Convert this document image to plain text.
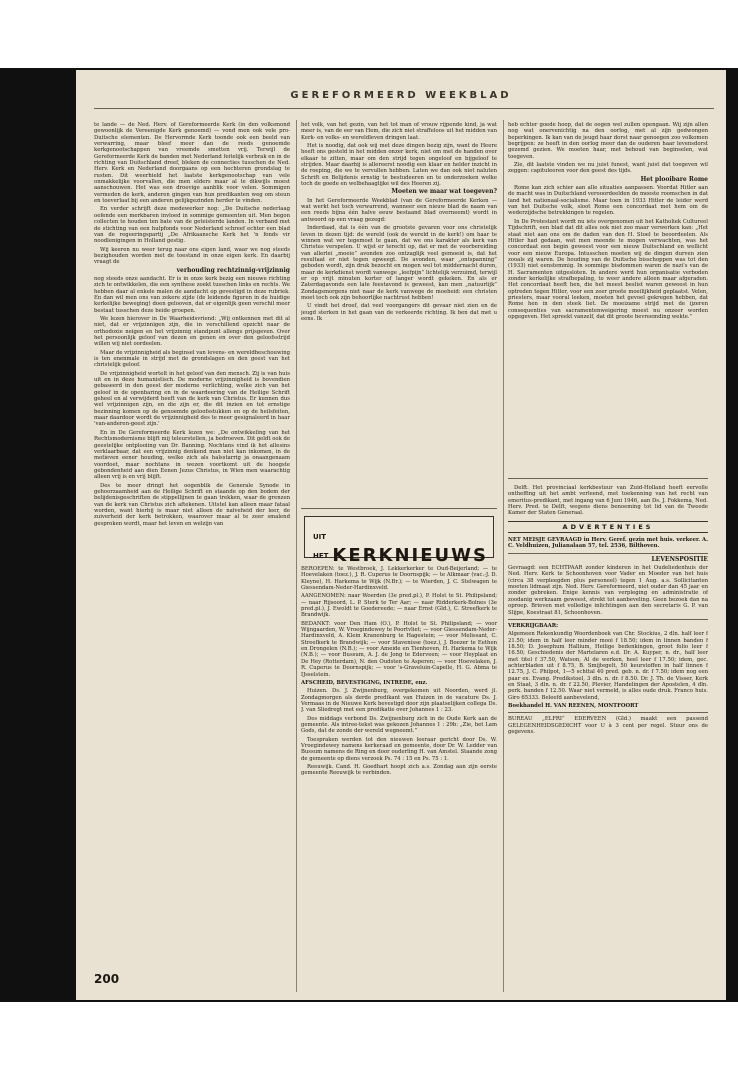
GEREFORMEERD WEEKBLAD

te lande — de Ned. Herv. of Gereformeerde Kerk (in den volksmond gewoonlijk de Vereenigde Kerk genoemd) — vond men ook vele pro-Duitsche elementen. De Hervormde Kerk toonde ook een beeld van verwarring, maar bleef meer dan de reeds genoemde kerkgenootschappen van vreemde smetten vrij. Terwijl de Gereformeerde Kerk de banden met Nederland feitelijk verbrak en in de richting van Duitschland dreef, bleken de connecties tusschen de Ned. Herv. Kerk en Nederland doorgaans op een hechteren grondslag te rusten. Dit weerhield het laatste kerkgenootschap van vele onmakkelijke voorvallen, die men elders maar al te dikwijls moest aanschouwen. Het was een droevige aanblik voor velen. Sommigen vermeden de kerk, anderen gingen van hun predikanten weg om steun en toeverlaat bij een anderen gelijkgezinden herder te vinden.

En verder schrijft deze medewerker nog: „De Duitsche nederlaag oefende een merkbaren invloed in sommige gemeenten uit. Men begon collecten te houden ten bate van de geteisterde landen. In verband met de stichting van een hulpfonds voor Nederland schreef echter een blad van de regeeringspartij „De Afrikaansche Kerk het 'n fonds vir noodlenigingen in Holland gestig.

Wij keeren nu weer terug naar ons eigen land, waar we nog steeds bezighouden worden met de toestand in onze eigen kerk. En daarbij vraagt de

verhouding rechtzinnig-vrijzinnig

nog steeds onze aandacht. Er is in onze kerk bezig een nieuwe richting zich te ontwikkelen, die een synthese zoekt tusschen links en rechts. We hebben daar al enkele malen de aandacht op gevestigd in deze rubriek. En dan wil men ons van zekere zijde (de leidende figuren in de huidige kerkelijke beweging) doen gelooven, dat er eigenlijk geen verschil meer bestaat tusschen deze beide groepen.

We lezen hierover in De Waarheidsvriend: „Wij ontkennen met dit al niet, dat er vrijzinnigen zijn, die in verschillend opzicht naar de orthodoxie neigen en het vrijzinnig standpunt allengs prijsgeven. Over het persoonlijk geloof van dezen en genen en over den geloofsstrijd willen wij niet oordeelen.

Maar de vrijzinnigheid als beginsel van levens- en wereldbeschouwing is ten enenmale in strijd met de grondslagen en den geest van het christelijk geloof.

De vrijzinnigheid wortelt in het geloof van den mensch. Zij is van huis uit en in deze humanistisch. De moderne vrijzinnigheid is bovendien gebaseerd in den geest der moderne verlichting, welke zich van het geloof in de openbaring en in de waardeering van de Heilige Schrift geheel en al verwijderd heeft van de kerk van Christus. Er kunnen dus wel vrijzinnigen zijn, en die zijn er, die dit inzien en tot ernstige bezinning komen op de genoemde geloofsstukken en op de heilsfeiten, maar daardoor wordt de vrijzinnigheid des te meer gesignaleerd in haar 'van-anderen-geest zijn.'

En in De Gereformeerde Kerk lezen we: „De ontwikkeling van het Rechtsmodernisme blijft mij teleurstellen, ja bedroeven. Dit geldt ook de geestelijke ontplooiing van Dr. Banning. Nochtans vind ik het allesins verklaarbaar, dat een vrijzinnig denkend man niet kan inkomen, in de motieven eener houding, welke zich als halsstarrig ja onaangenaam voordoet, maar nochtans in wezen voortkomt uit de hoogste gebondenheid aan dien Eenen Jezus Christus, in Wien men waarachtig alleen vrij is en vrij blijft.

Des te meer dringt het oogenblik de Generale Synode in gehoorzaamheid aan de Heilige Schrift en staande op den bodem der belijdenisgeschriften de stippellijnen te gaan trekken, waar de grenzen van de kerk van Christus zich aftekenen. Uitstel kan alleen maar fataal worden, want hierbij is maar niet alleen de naïveheid der leer, de zuiverheid der kerk betrokken, waarover maar al te zeer smalend gesproken wordt, maar het leven en welzijn van

het volk, van het gezin, van het tot man of vrouw rijpende kind, ja wat meer is, van de eer van Hem, die zich niet straffeloos uit het midden van Kerk- en volks- en wereldleven dringen laat.

Het is noodig, dat ook wij met deze dingen bezig zijn, want de Heere heeft ons gesteld in het midden onzer kerk, niet om met de handen over elkaar te zitten, maar om den strijd tegen ongeloof en bijgeloof te strijden. Maar daarbij is allereerst noodig een klaar en helder inzicht in de roeping, die we te vervullen hebben. Laten we dan ook niet naluten Schrift en Belijdenis ernstig te bestudeeren en te onderzoeken welke toch de goede en welbehaaglijke wil des Heeren zij.

Moeten we maar wat toegeven?

In het Gereformeerde Weekblad (van de Gereformeerde Kerken — wat werkt het toch verwarrend, wanneer een nieuw blad de naam van een reeds bijna één halve eeuw bestaand blad overneemt) wordt in antwoord op een vraag gezegd:

Inderdaad, dat is één van de grootste gevaren voor ons christelijk leven in dezen tijd: de wereld (ook de wereld in de kerk!) om haar te winnen wat ver tegemoet te gaan, dat we ons karakter als kerk van Christus verspelen. U wijst er terecht op, dat er met de voorbereiding van allerlei „moeie” avonden zoo ontzaglijk veel gemoeid is, dat het resultaat er niet tegen opweegt. De avonden, waar „ontspanning” geboden wordt, zijn druk bezocht en mogen wel tot middernacht duren, maar de kerkdienst wordt vanwege „leefpijn” lichtelijk verzuimd, terwijl er op vrijt minuten korter of langer wordt gekeken. En als er Zaterdagavonds een late feestavond is geweest, kan men „natuurlijk” Zondagsmorgens niet naar de kerk vanwege de moeheid: een christen moet toch ook zijn behoorlijke nachtrust hebben!

U vindt het droef, dat veel voorgangers dit gevaar niet zien en de jeugd sterken in het gaan van de verkeerde richting. Ik ben dat met u eens. Ik

heb echter goede hoop, dat de oogen wel zullen opengaan. Wij zijn allen nog wat onervenichtig na den oorlog, met al zijn gedwongen beperkingen. Ik kan van de jeugd haar dorst naar genoegen zoo volkomen begrijpen: ze heeft in den oorlog meer dan de ouderen haar levensdorst gezemd gezien. We moeten haar, met behoud van beginselen, wat toegeven.

Zie, dit laatste vinden we nu juist funest, want juist dat toegeven wil zeggen: capituleeren voor den geest des tijds.

Het plooibare Rome

Rome kan zich schier aan alle situaties aanpassen. Voordat Hitler aan de macht was in Duitschland verooordeelden de meeste roomschen in dat land het nationaal-socialisme. Maar toen in 1933 Hitler de leider werd van het Duitsche volk, sloot Rome een concordaat met hem om de wederzijdsche betrekkingen te regelen.

In De Protestant wordt nu iets overgenomen uit het Katholiek Cultureel Tijdschrift, een blad dat dit alles ook niet zoo maar verwerken kan: „Het staat niet aan ons om de daden van den H. Stoel te beoordeelen. Als Hitler had gedaan, wat men meende te mogen verwachten, was het concordaat een begin geweest voor een nieuw Duitschland en wellicht voor een nieuw Europa. Intusschen moeten wij de dingen durven zien zooals zij waren. De houding van de Duitsche bisschoppen was tot den (1933) niet eenstemmig. In sommige bisdommen waren de nazi's van de H. Sacramenten uitgesloten. In andere werd hun organisatie verboden zonder kerkelijke strafbepaling, to weer andere alleen maar afgeraden. Het concordaat heeft hen, die het meest beslist waren geweest in hun optreden tegen Hitler, voor een zeer groote moeilijkheid geplaatst. Velen, priesters, maar vooral leeken, moeten het gevoel gekregen hebben, dat Rome hen in den steek liet. De moeizame strijd met de ijzeren consequenties van sacramentenweigering moest nu onzeer worden opgegeven. Het spreekt vanzelf, dat dit groote bevreemding wekte.”

UIT HET KERKNIEUWS

BEROEPEN: te Westbroek, J. Lekkerkerker te Oud-Beijerland; — te Hoevelaken (toez.), J. R. Cuperus te Doornspijk; — te Alkmaar (vac.-J. D. Kleyne), H. Harkema te Wijk (N.Br.); — te Wierden, J. C. Stelwagen te Giessendam-Neder-Hardinxveld.

AANGENOMEN: naar Woerden (3e pred.pl.), P. Holst te St. Philipsland; — naar Rijsoord, L. P. Sterk te Ter Aar; — naar Ridderkerk-Bolnes (3e pred.pl.), J. Ewoldt te Goedereede; — naar Ernst (Gld.), C. Streefkerk te Brandwijk.

BEDANKT: voor Den Ham (O.), P. Holst te St. Philipsland; — voor Wijngaarden, W. Vroegindewey te Poortvliet; — voor Giessendam-Neder-Hardinxveld, A. Klein Kranenburg te Hagestein; — voor Melissant, C. Streefkerk te Brandwijk; — voor Stavenisse (toez.), J. Boezer te Eethen en Drongelen (N.B.); — voor Ameide en Tienhoven, H. Harkema te Wijk (N.B.); — voor Bussum, A. J. de Jong te Ederveen; — voor Heyplaat en De Hey (Rotterdam), N. den Oudsten te Asperen; — voor Hoevelaken, J. R. Cuperus te Doornspijk; — voor 's-Graveluin-Capelle, H. G. Abma te IJsselstein.

AFSCHEID, BEVESTIGING, INTREDE, enz.

Huizen. Ds. J. Zwijnenburg, overgekomen uit Noorden, werd jl. Zondagmorgen als derde predikant van Huizen in de vacature Ds. J. Vermaas in de Nieuwe Kerk bevestigd door zijn plaatselijken collega Ds. J. van Sliedregt met een predikatie over Johannes 1 : 23.

Des middags verbond Ds. Zwijnenburg zich in de Oude Kerk aan de gemeente. Als intree-tekst was gekozen Johannes 1 : 29b: „Zie, het Lam Gods, dat de zonde der wereld wegneemt.”

Toespraken werden tot den nieuwen leeraar gericht door Ds. W. Vroegindewey namens kerkeraad en gemeente, door Dr. W. Ledder van Bussum namens de Ring en door ouderling H. van Amstel. Staande zong de gemeente op diens verzoek Ps. 74 : 15 en Ps. 75 : 1.

Reeuwijk. Cand. H. Goedhart hoopt zich a.s. Zondag aan zijn eerste gemeente Reeuwijk te verbinden.

Delft. Het provinciaal kerkbestuur van Zuid-Holland heeft eervolle ontheffing uit het ambt verleend, met toekenning van het recht van emeritus-predikant, met ingang van 6 Juni 1946, aan Ds. J. Fokkema, Ned. Herv. Pred. te Delft, wegens diens benoeming tot lid van de Tweede Kamer der Staten Generaal.

ADVERTENTIES

NET MEISJE GEVRAAGD in Herv. Geref. gezin met huis. verkeer. A. C. Veldhuizen, Julianalaan 57, tel. 2536, Bilthoven.

LEVENSPOSITIE

Gevraagd: een ECHTPAAR zonder kinderen in het Oudeliedenhuis der Ned. Herv. Kerk te Schoonhoven voor Vader en Moeder van het huis (circa 38 verpleegden plus personeel) tegen 1 Aug. a.s. Sollicitanten moeten lidmaat zijn. Ned. Herv. Gereformeerd, niet ouder dan 45 jaar en zonder gebreken. Enige kennis van verpleging en administratie of zoodanig werkzaam geweest, strekt tot aanbeveling. Geen bezoek dan na oproep. Brieven met volledige inlichtingen aan den secretaris G. P. van Slijpe, Koestraat 81, Schoonhoven.

VERKRIJGBAAR:

Algemeen Rekenkundig Woordenboek van Chr. Stockius, 2 dln. half leer f 21.50; idem in half leer minder mooi f 18.50; idem in linnen banden f 18.50; D. Josephum Hallium, Heilige bedenkingen, groot folio leer f 16.50; Geschiedenis der Martelaren e.d. Dr. A. Kuyper, n. dr., half leer met titel f 37.50, Watson, Al de werken, heel leer f 17.50; idem, gec. achterbladen uit f 8.75, B. Smijtegelt, 50 keurstoffen in half linnen f 12.75, J. C. Philpot, 1—5 schttal 40 pred. geb. n. dr. f 7.50; idem nog een paar ex. Evang. Predikstoel, 3 dln. n. dr. f 8.50. Dr. J. Th. de Visser, Kerk en Staat, 3 dln. n. dr. f 22.50, Plevier, Handelingen der Apostelen, 4 dln. perk. banden f 12.50. Waar niet vermeld, is alles oude druk. Franco huis. Giro 65333. Beleefd aanbevelend,

Boekhandel H. VAN REENEN, MONTFOORT

BUREAU „ELFRI” EDERVEEN (Gld.) maakt een passend GELEGENHEIDSGEDICHT voor U à 3 cent per regel. Stuur ons de gegevens.

200
